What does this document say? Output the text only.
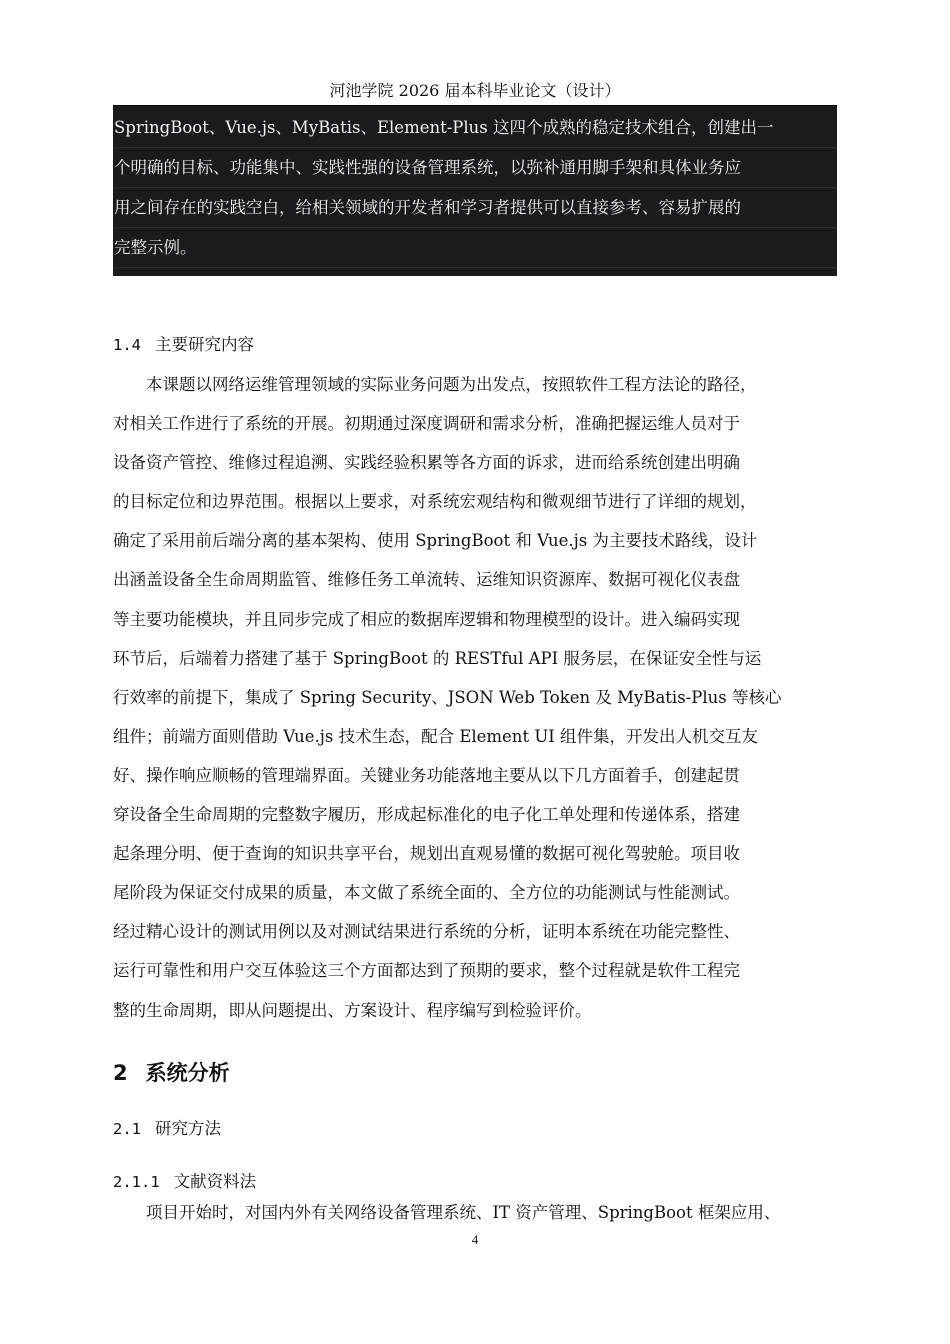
河池学院 2026 届本科毕业论文（设计）
SpringBoot、Vue.js、MyBatis、Element-Plus 这四个成熟的稳定技术组合，创建出一
个明确的目标、功能集中、实践性强的设备管理系统，以弥补通用脚手架和具体业务应
用之间存在的实践空白，给相关领域的开发者和学习者提供可以直接参考、容易扩展的
完整示例。
1.4 主要研究内容
　　本课题以网络运维管理领域的实际业务问题为出发点，按照软件工程方法论的路径，
对相关工作进行了系统的开展。初期通过深度调研和需求分析，准确把握运维人员对于
设备资产管控、维修过程追溯、实践经验积累等各方面的诉求，进而给系统创建出明确
的目标定位和边界范围。根据以上要求，对系统宏观结构和微观细节进行了详细的规划，
确定了采用前后端分离的基本架构、使用 SpringBoot 和 Vue.js 为主要技术路线，设计
出涵盖设备全生命周期监管、维修任务工单流转、运维知识资源库、数据可视化仪表盘
等主要功能模块，并且同步完成了相应的数据库逻辑和物理模型的设计。进入编码实现
环节后，后端着力搭建了基于 SpringBoot 的 RESTful API 服务层，在保证安全性与运
行效率的前提下，集成了 Spring Security、JSON Web Token 及 MyBatis-Plus 等核心
组件；前端方面则借助 Vue.js 技术生态，配合 Element UI 组件集，开发出人机交互友
好、操作响应顺畅的管理端界面。关键业务功能落地主要从以下几方面着手，创建起贯
穿设备全生命周期的完整数字履历，形成起标准化的电子化工单处理和传递体系，搭建
起条理分明、便于查询的知识共享平台，规划出直观易懂的数据可视化驾驶舱。项目收
尾阶段为保证交付成果的质量，本文做了系统全面的、全方位的功能测试与性能测试。
经过精心设计的测试用例以及对测试结果进行系统的分析，证明本系统在功能完整性、
运行可靠性和用户交互体验这三个方面都达到了预期的要求，整个过程就是软件工程完
整的生命周期，即从问题提出、方案设计、程序编写到检验评价。
2 系统分析
2.1 研究方法
2.1.1 文献资料法
　　项目开始时，对国内外有关网络设备管理系统、IT 资产管理、SpringBoot 框架应用、
4
